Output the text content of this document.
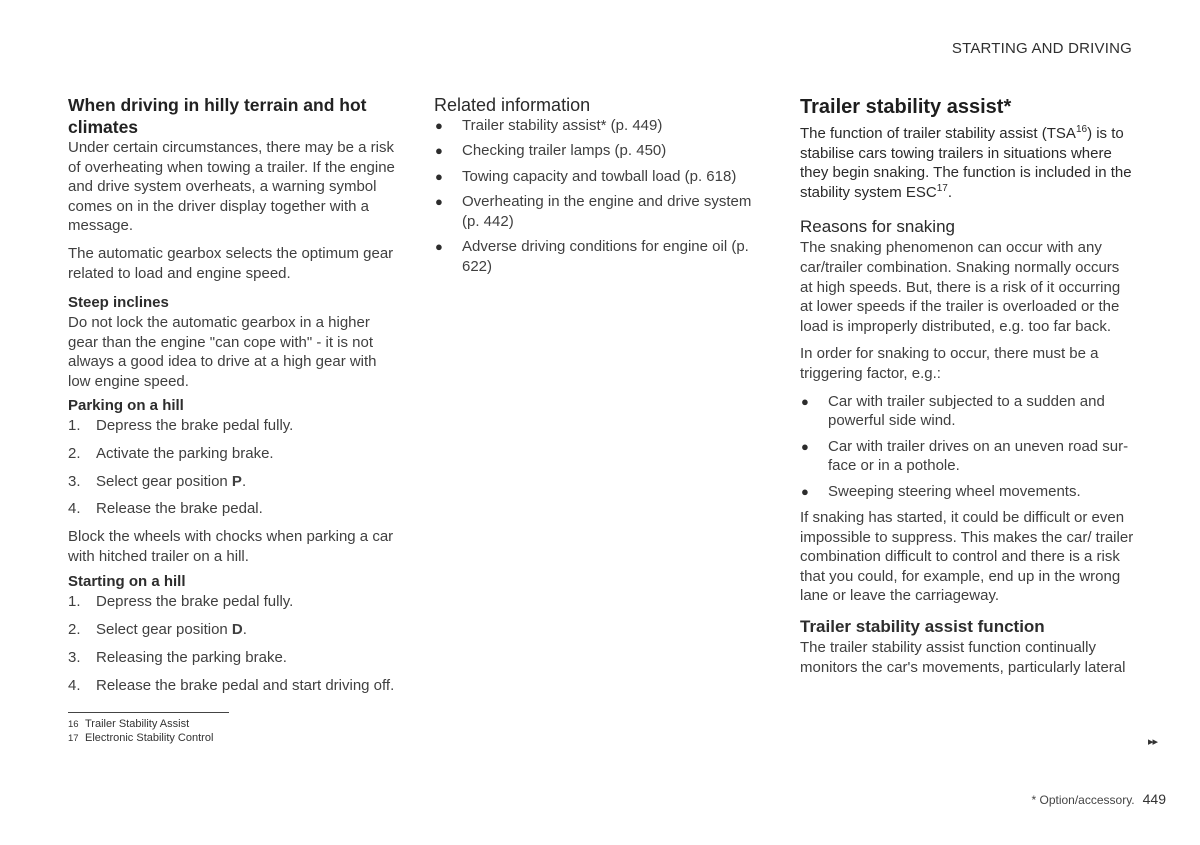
STARTING AND DRIVING
When driving in hilly terrain and hot climates

Under certain circumstances, there may be a risk of overheating when towing a trailer. If the engine and drive system overheats, a warning symbol comes on in the driver display together with a message.

The automatic gearbox selects the optimum gear related to load and engine speed.

Steep inclines

Do not lock the automatic gearbox in a higher gear than the engine "can cope with" - it is not always a good idea to drive at a high gear with low engine speed.

Parking on a hill
1. Depress the brake pedal fully.
2. Activate the parking brake.
3. Select gear position P.
4. Release the brake pedal.

Block the wheels with chocks when parking a car with hitched trailer on a hill.

Starting on a hill
1. Depress the brake pedal fully.
2. Select gear position D.
3. Releasing the parking brake.
4. Release the brake pedal and start driving off.
Related information
● Trailer stability assist* (p. 449)
● Checking trailer lamps (p. 450)
● Towing capacity and towball load (p. 618)
● Overheating in the engine and drive system (p. 442)
● Adverse driving conditions for engine oil (p. 622)
Trailer stability assist*

The function of trailer stability assist (TSA$^{16}$) is to stabilise cars towing trailers in situations where they begin snaking. The function is included in the stability system ESC$^{17}$.

Reasons for snaking

The snaking phenomenon can occur with any car/trailer combination. Snaking normally occurs at high speeds. But, there is a risk of it occurring at lower speeds if the trailer is overloaded or the load is improperly distributed, e.g. too far back.

In order for snaking to occur, there must be a triggering factor, e.g.:

● Car with trailer subjected to a sudden and powerful side wind.
● Car with trailer drives on an uneven road sur-face or in a pothole.
● Sweeping steering wheel movements.

If snaking has started, it could be difficult or even impossible to suppress. This makes the car/ trailer combination difficult to control and there is a risk that you could, for example, end up in the wrong lane or leave the carriageway.

Trailer stability assist function

The trailer stability assist function continually monitors the car's movements, particularly lateral

16 Trailer Stability Assist
17 Electronic Stability Control	▸▸
* Option/accessory. 449
